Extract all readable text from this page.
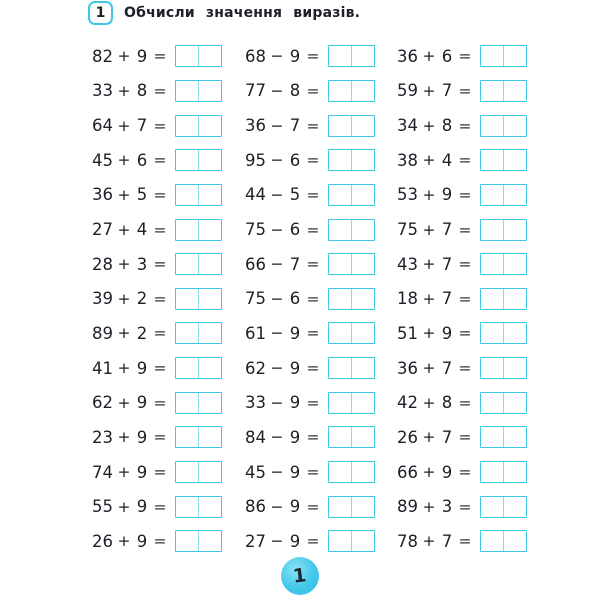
1 Обчисли значення виразів.
82 + 9 =
33 + 8 =
64 + 7 =
45 + 6 =
36 + 5 =
27 + 4 =
28 + 3 =
39 + 2 =
89 + 2 =
41 + 9 =
62 + 9 =
23 + 9 =
74 + 9 =
55 + 9 =
26 + 9 =
68 − 9 =
77 − 8 =
36 − 7 =
95 − 6 =
44 − 5 =
75 − 6 =
66 − 7 =
75 − 6 =
61 − 9 =
62 − 9 =
33 − 9 =
84 − 9 =
45 − 9 =
86 − 9 =
27 − 9 =
36 + 6 =
59 + 7 =
34 + 8 =
38 + 4 =
53 + 9 =
75 + 7 =
43 + 7 =
18 + 7 =
51 + 9 =
36 + 7 =
42 + 8 =
26 + 7 =
66 + 9 =
89 + 3 =
78 + 7 =
1
